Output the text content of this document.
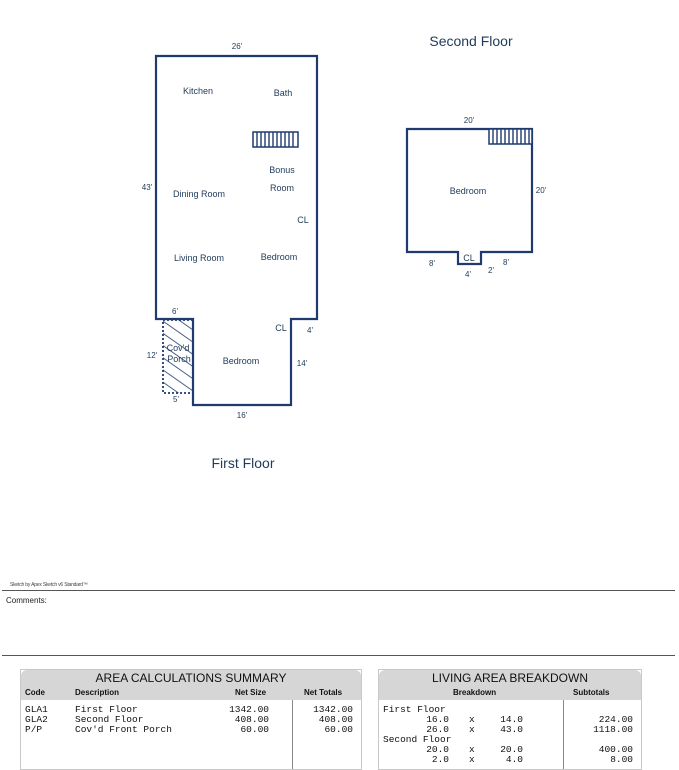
Second Floor
First Floor
Kitchen	Bath
Bonus
Room
Dining Room
CL
Living Room	Bedroom
CL
Bedroom
Cov'd
Porch
26'
43'
6'
4'
14'
16'
12'
5'
Bedroom
CL
20'
20'
8'	8'
4' 2'
Sketch by Apex Sketch v6 Standard™
Comments:
AREA CALCULATIONS SUMMARY
Code	Description	Net Size	Net Totals
GLA1	First Floor	1342.00	1342.00
GLA2	Second Floor	408.00	408.00
P/P	Cov'd Front Porch	60.00	60.00
LIVING AREA BREAKDOWN
Breakdown	Subtotals
First Floor
16.0 x	14.0	224.00
26.0 x	43.0	1118.00
Second Floor
20.0 x	20.0	400.00
2.0 x	4.0	8.00
